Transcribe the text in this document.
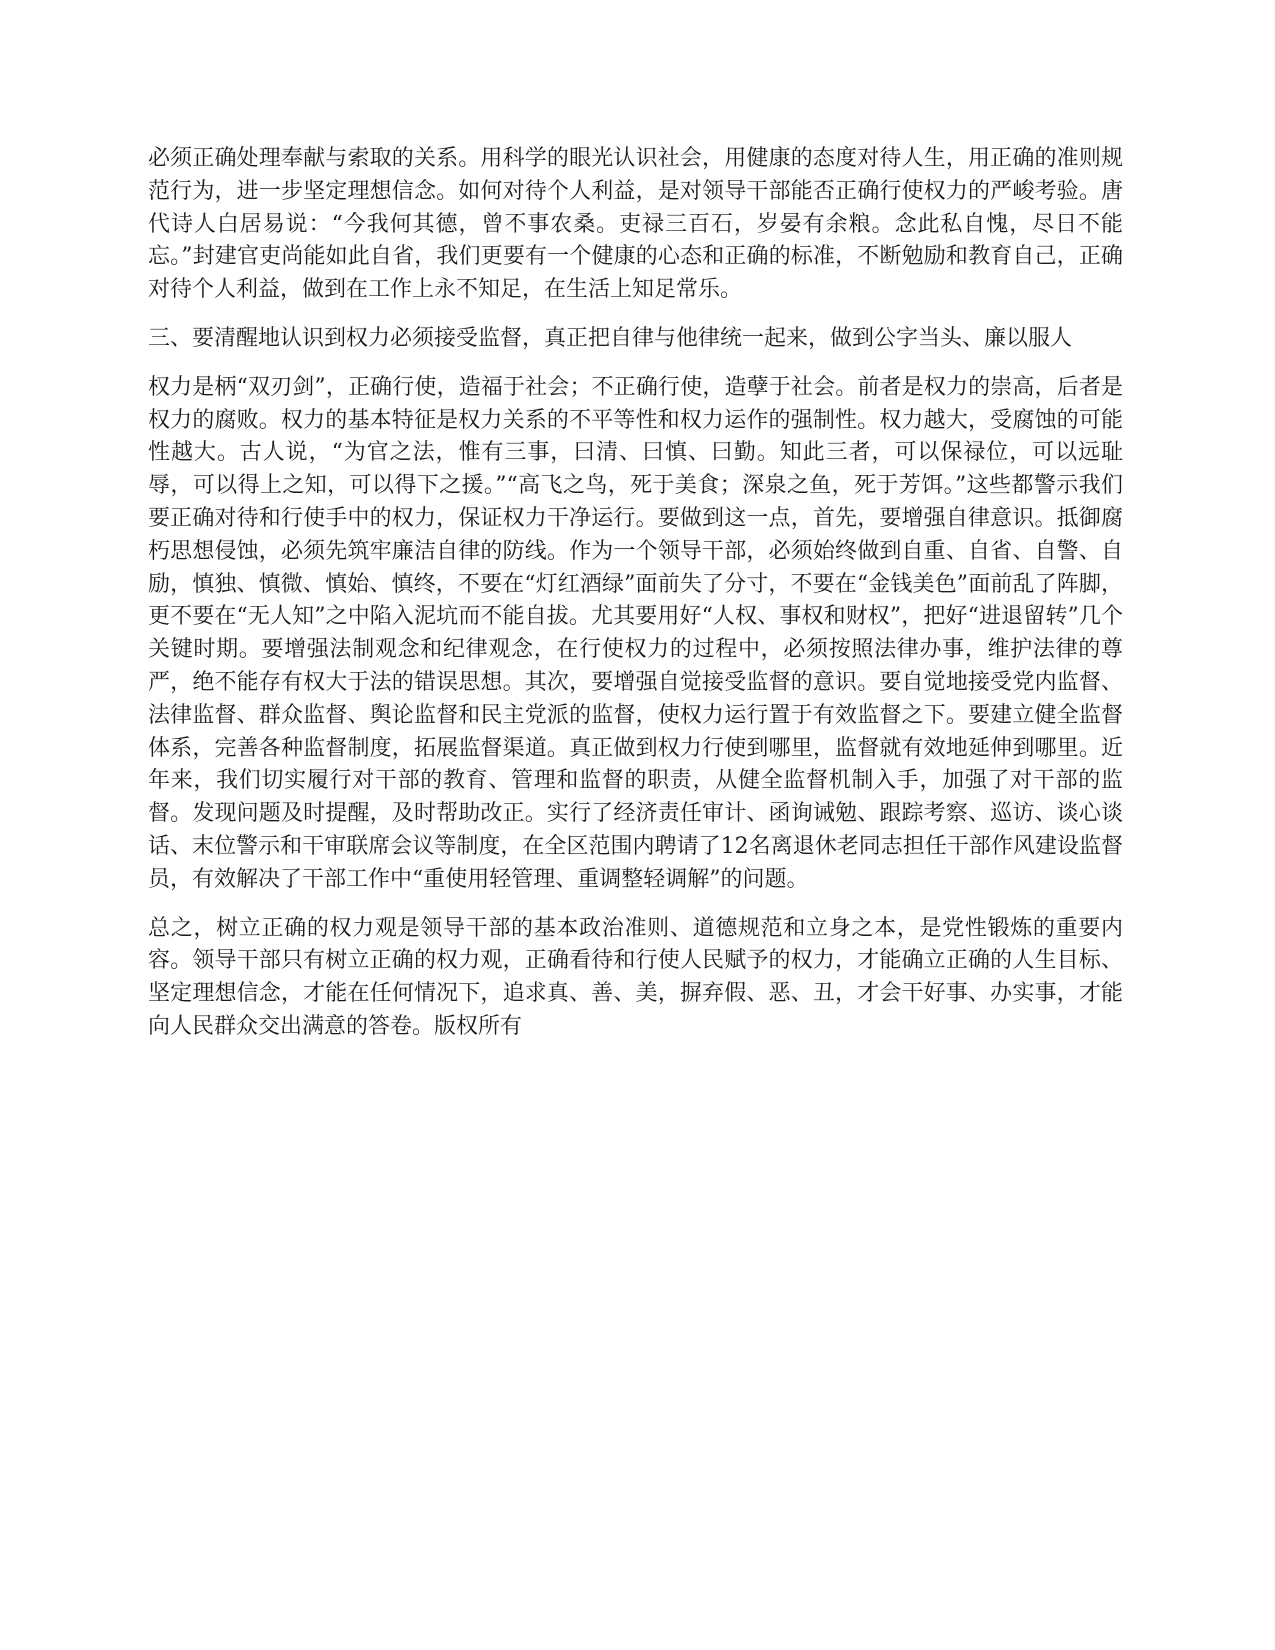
必须正确处理奉献与索取的关系。用科学的眼光认识社会，用健康的态度对待人生，用正确的准则规范行为，进一步坚定理想信念。如何对待个人利益，是对领导干部能否正确行使权力的严峻考验。唐代诗人白居易说：“今我何其德，曾不事农桑。吏禄三百石，岁晏有余粮。念此私自愧，尽日不能忘。”封建官吏尚能如此自省，我们更要有一个健康的心态和正确的标准，不断勉励和教育自己，正确对待个人利益，做到在工作上永不知足，在生活上知足常乐。

三、要清醒地认识到权力必须接受监督，真正把自律与他律统一起来，做到公字当头、廉以服人

权力是柄“双刃剑”，正确行使，造福于社会；不正确行使，造孽于社会。前者是权力的崇高，后者是权力的腐败。权力的基本特征是权力关系的不平等性和权力运作的强制性。权力越大，受腐蚀的可能性越大。古人说，“为官之法，惟有三事，曰清、曰慎、曰勤。知此三者，可以保禄位，可以远耻辱，可以得上之知，可以得下之援。”“高飞之鸟，死于美食；深泉之鱼，死于芳饵。”这些都警示我们要正确对待和行使手中的权力，保证权力干净运行。要做到这一点，首先，要增强自律意识。抵御腐朽思想侵蚀，必须先筑牢廉洁自律的防线。作为一个领导干部，必须始终做到自重、自省、自警、自励，慎独、慎微、慎始、慎终，不要在“灯红酒绿”面前失了分寸，不要在“金钱美色”面前乱了阵脚，更不要在“无人知”之中陷入泥坑而不能自拔。尤其要用好“人权、事权和财权”，把好“进退留转”几个关键时期。要增强法制观念和纪律观念，在行使权力的过程中，必须按照法律办事，维护法律的尊严，绝不能存有权大于法的错误思想。其次，要增强自觉接受监督的意识。要自觉地接受党内监督、法律监督、群众监督、舆论监督和民主党派的监督，使权力运行置于有效监督之下。要建立健全监督体系，完善各种监督制度，拓展监督渠道。真正做到权力行使到哪里，监督就有效地延伸到哪里。近年来，我们切实履行对干部的教育、管理和监督的职责，从健全监督机制入手，加强了对干部的监督。发现问题及时提醒，及时帮助改正。实行了经济责任审计、函询诫勉、跟踪考察、巡访、谈心谈话、末位警示和干审联席会议等制度，在全区范围内聘请了12名离退休老同志担任干部作风建设监督员，有效解决了干部工作中“重使用轻管理、重调整轻调解”的问题。

总之，树立正确的权力观是领导干部的基本政治准则、道德规范和立身之本，是党性锻炼的重要内容。领导干部只有树立正确的权力观，正确看待和行使人民赋予的权力，才能确立正确的人生目标、坚定理想信念，才能在任何情况下，追求真、善、美，摒弃假、恶、丑，才会干好事、办实事，才能向人民群众交出满意的答卷。版权所有
